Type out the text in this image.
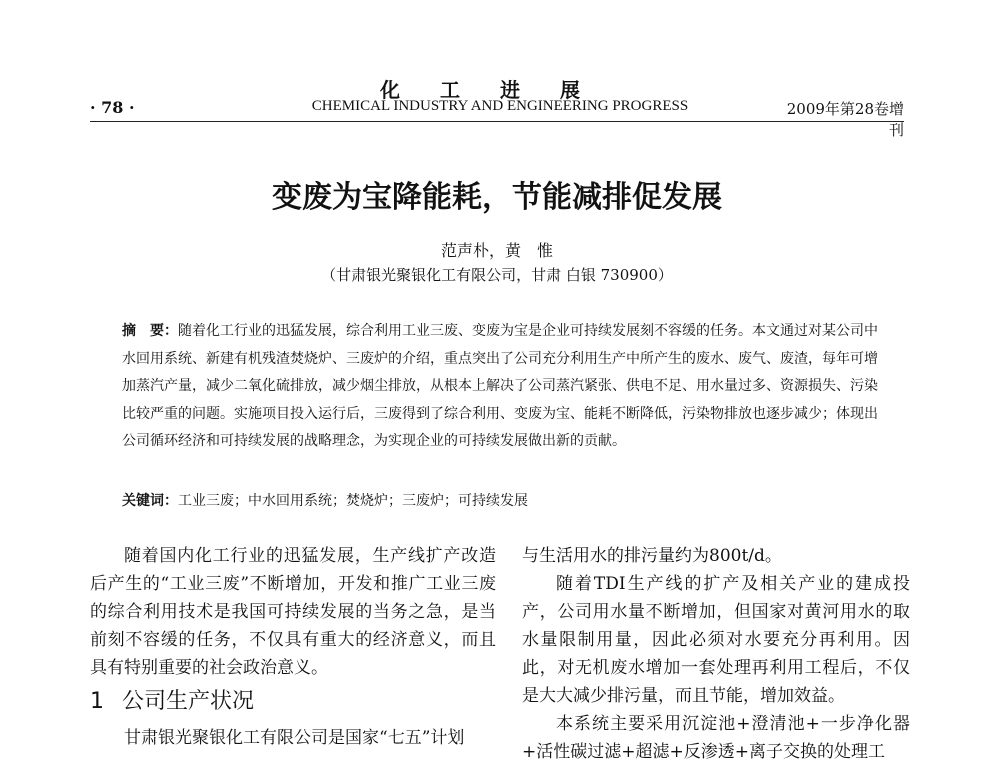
化工进展
· 78 ·	CHEMICAL INDUSTRY AND ENGINEERING PROGRESS	2009年第28卷增刊
变废为宝降能耗，节能减排促发展
范声朴，黄　惟
（甘肃银光聚银化工有限公司，甘肃 白银 730900）
摘　要：随着化工行业的迅猛发展，综合利用工业三废、变废为宝是企业可持续发展刻不容缓的任务。本文通过对某公司中水回用系统、新建有机残渣焚烧炉、三废炉的介绍，重点突出了公司充分利用生产中所产生的废水、废气、废渣，每年可增加蒸汽产量，减少二氧化硫排放，减少烟尘排放，从根本上解决了公司蒸汽紧张、供电不足、用水量过多、资源损失、污染比较严重的问题。实施项目投入运行后，三废得到了综合利用、变废为宝、能耗不断降低，污染物排放也逐步减少；体现出公司循环经济和可持续发展的战略理念，为实现企业的可持续发展做出新的贡献。
关键词：工业三废；中水回用系统；焚烧炉；三废炉；可持续发展

随着国内化工行业的迅猛发展，生产线扩产改造后产生的“工业三废”不断增加，开发和推广工业三废的综合利用技术是我国可持续发展的当务之急，是当前刻不容缓的任务，不仅具有重大的经济意义，而且具有特别重要的社会政治意义。

1 公司生产状况

甘肃银光聚银化工有限公司是国家“七五”计划

与生活用水的排污量约为800t/d。

随着TDI生产线的扩产及相关产业的建成投产，公司用水量不断增加，但国家对黄河用水的取水量限制用量，因此必须对水要充分再利用。因此，对无机废水增加一套处理再利用工程后，不仅是大大减少排污量，而且节能，增加效益。

本系统主要采用沉淀池+澄清池+一步净化器+活性碳过滤+超滤+反渗透+离子交换的处理工
